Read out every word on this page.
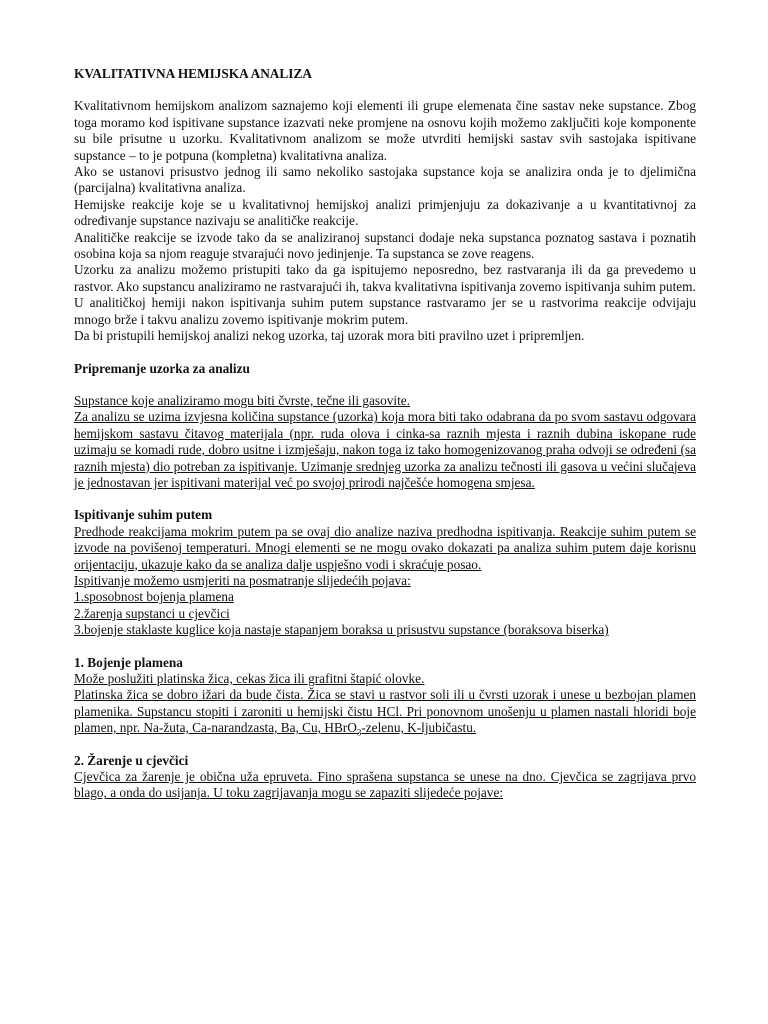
KVALITATIVNA HEMIJSKA ANALIZA

Kvalitativnom hemijskom analizom saznajemo koji elementi ili grupe elemenata čine sastav neke supstance. Zbog toga moramo kod ispitivane supstance izazvati neke promjene na osnovu kojih možemo zaključiti koje komponente su bile prisutne u uzorku. Kvalitativnom analizom se može utvrditi hemijski sastav svih sastojaka ispitivane supstance – to je potpuna (kompletna) kvalitativna analiza.

Ako se ustanovi prisustvo jednog ili samo nekoliko sastojaka supstance koja se analizira onda je to djelimična (parcijalna) kvalitativna analiza.

Hemijske reakcije koje se u kvalitativnoj hemijskoj analizi primjenjuju za dokazivanje a u kvantitativnoj za određivanje supstance nazivaju se analitičke reakcije.

Analitičke reakcije se izvode tako da se analiziranoj supstanci dodaje neka supstanca poznatog sastava i poznatih osobina koja sa njom reaguje stvarajući novo jedinjenje. Ta supstanca se zove reagens.

Uzorku za analizu možemo pristupiti tako da ga ispitujemo neposredno, bez rastvaranja ili da ga prevedemo u rastvor. Ako supstancu analiziramo ne rastvarajući ih, takva kvalitativna ispitivanja zovemo ispitivanja suhim putem.

U analitičkoj hemiji nakon ispitivanja suhim putem supstance rastvaramo jer se u rastvorima reakcije odvijaju mnogo brže i takvu analizu zovemo ispitivanje mokrim putem.

Da bi pristupili hemijskoj analizi nekog uzorka, taj uzorak mora biti pravilno uzet i pripremljen.

Pripremanje uzorka za analizu

Supstance koje analiziramo mogu biti čvrste, tečne ili gasovite.

Za analizu se uzima izvjesna količina supstance (uzorka) koja mora biti tako odabrana da po svom sastavu odgovara hemijskom sastavu čitavog materijala (npr. ruda olova i cinka-sa raznih mjesta i raznih dubina iskopane rude uzimaju se komadi rude, dobro usitne i izmješaju, nakon toga iz tako homogenizovanog praha odvoji se određeni (sa raznih mjesta) dio potreban za ispitivanje. Uzimanje srednjeg uzorka za analizu tečnosti ili gasova u većini slučajeva je jednostavan jer ispitivani materijal već po svojoj prirodi najčešće homogena smjesa.

Ispitivanje suhim putem

Predhode reakcijama mokrim putem pa se ovaj dio analize naziva predhodna ispitivanja. Reakcije suhim putem se izvode na povišenoj temperaturi. Mnogi elementi se ne mogu ovako dokazati pa analiza suhim putem daje korisnu orijentaciju, ukazuje kako da se analiza dalje uspješno vodi i skraćuje posao.

Ispitivanje možemo usmjeriti na posmatranje slijedećih pojava:

1.sposobnost bojenja plamena

2.žarenja supstanci u cjevčici

3.bojenje staklaste kuglice koja nastaje stapanjem boraksa u prisustvu supstance (boraksova biserka)

1. Bojenje plamena

Može poslužiti platinska žica, cekas žica ili grafitni štapić olovke.

Platinska žica se dobro ižari da bude čista. Žica se stavi u rastvor soli ili u čvrsti uzorak i unese u bezbojan plamen plamenika. Supstancu stopiti i zaroniti u hemijski čistu HCl. Pri ponovnom unošenju u plamen nastali hloridi boje plamen, npr. Na-žuta, Ca-narandzasta, Ba, Cu, HBrO$_3$-zelenu, K-ljubičastu.

2. Žarenje u cjevčici

Cjevčica za žarenje je obična uža epruveta. Fino sprašena supstanca se unese na dno. Cjevčica se zagrijava prvo blago, a onda do usijanja. U toku zagrijavanja mogu se zapaziti slijedeće pojave:
